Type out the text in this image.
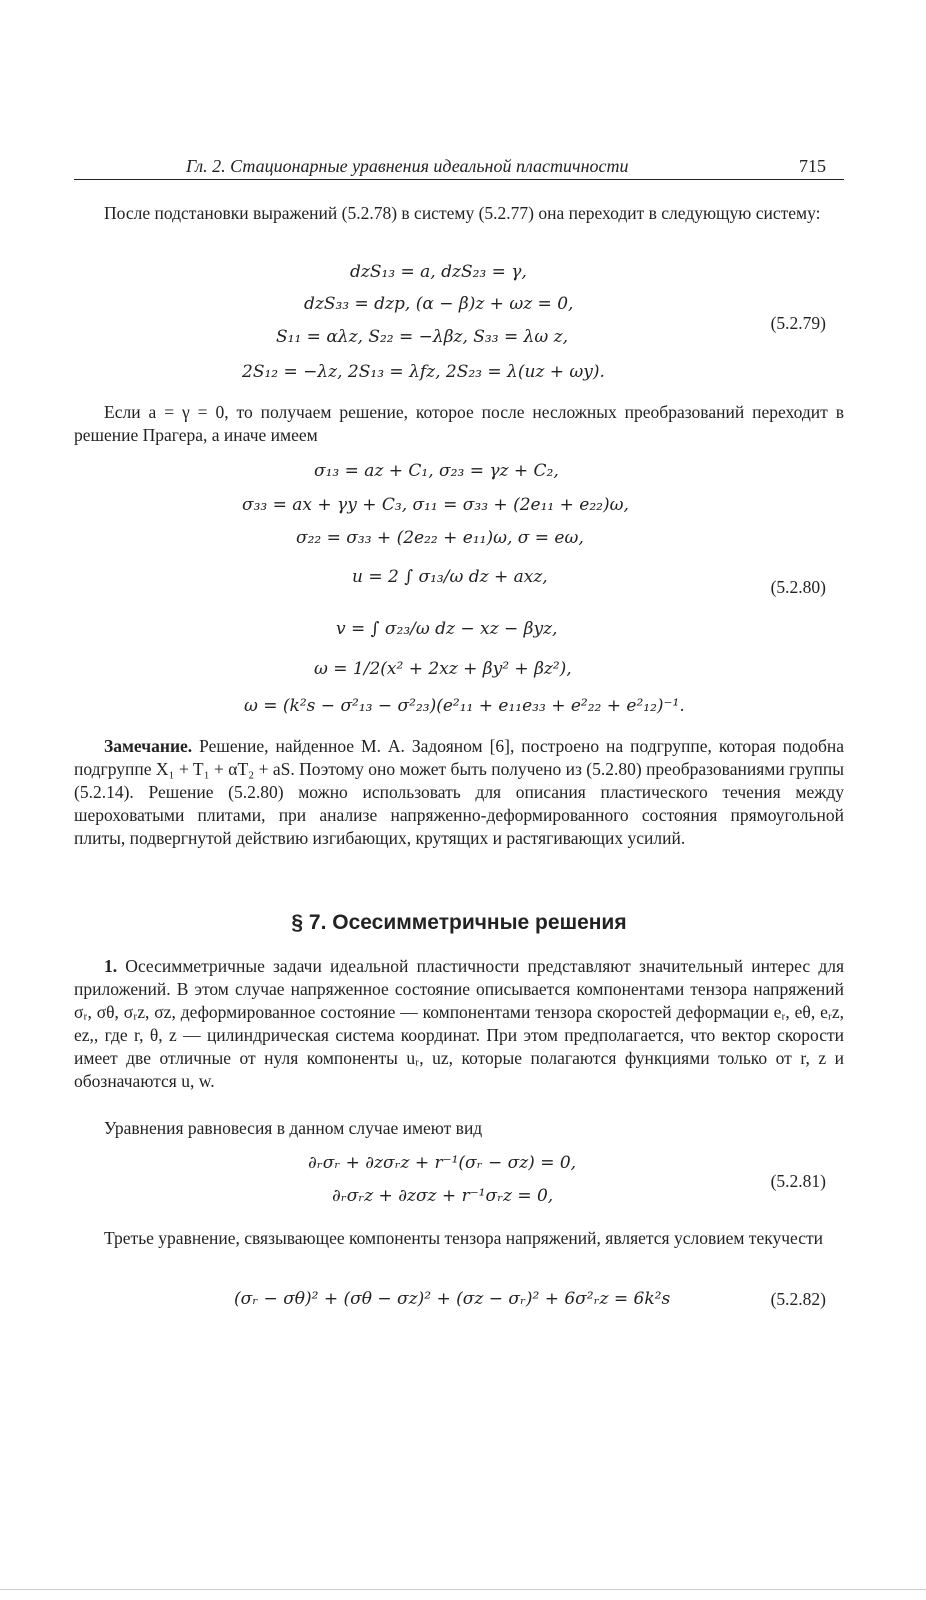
Гл. 2. Стационарные уравнения идеальной пластичности	715
После подстановки выражений (5.2.78) в систему (5.2.77) она переходит в следующую систему:
dzS₁₃ = a, dzS₂₃ = γ,
dzS₃₃ = dzp, (α − β)z + ωz = 0,
S₁₁ = αλz, S₂₂ = −λβz, S₃₃ = λω z,
2S₁₂ = −λz, 2S₁₃ = λfz, 2S₂₃ = λ(uz + ωy).
(5.2.79)
Если a = γ = 0, то получаем решение, которое после несложных преобразований переходит в решение Прагера, а иначе имеем
σ₁₃ = az + C₁, σ₂₃ = γz + C₂,
σ₃₃ = ax + γy + C₃, σ₁₁ = σ₃₃ + (2e₁₁ + e₂₂)ω,
σ₂₂ = σ₃₃ + (2e₂₂ + e₁₁)ω, σ = eω,
u = 2 ∫ σ₁₃/ω dz + axz,
v = ∫ σ₂₃/ω dz − xz − βyz,
ω = 1/2(x² + 2xz + βy² + βz²),
ω = (k²s − σ²₁₃ − σ²₂₃)(e²₁₁ + e₁₁e₃₃ + e²₂₂ + e²₁₂)⁻¹.
(5.2.80)
Замечание. Решение, найденное М. А. Задояном [6], построено на подгруппе, которая подобна подгруппе X₁ + T₁ + αT₂ + aS. Поэтому оно может быть получено из (5.2.80) преобразованиями группы (5.2.14). Решение (5.2.80) можно использовать для описания пластического течения между шероховатыми плитами, при анализе напряженно-деформированного состояния прямоугольной плиты, подвергнутой действию изгибающих, крутящих и растягивающих усилий.
§ 7. Осесимметричные решения
1. Осесимметричные задачи идеальной пластичности представляют значительный интерес для приложений. В этом случае напряженное состояние описывается компонентами тензора напряжений σᵣ, σθ, σᵣz, σz, деформированное состояние — компонентами тензора скоростей деформации eᵣ, eθ, eᵣz, ez,, где r, θ, z — цилиндрическая система координат. При этом предполагается, что вектор скорости имеет две отличные от нуля компоненты uᵣ, uz, которые полагаются функциями только от r, z и обозначаются u, w.
Уравнения равновесия в данном случае имеют вид
∂ᵣσᵣ + ∂zσᵣz + r⁻¹(σᵣ − σz) = 0,
∂ᵣσᵣz + ∂zσz + r⁻¹σᵣz = 0,
(5.2.81)
Третье уравнение, связывающее компоненты тензора напряжений, является условием текучести
(σᵣ − σθ)² + (σθ − σz)² + (σz − σᵣ)² + 6σ²ᵣz = 6k²s	(5.2.82)
